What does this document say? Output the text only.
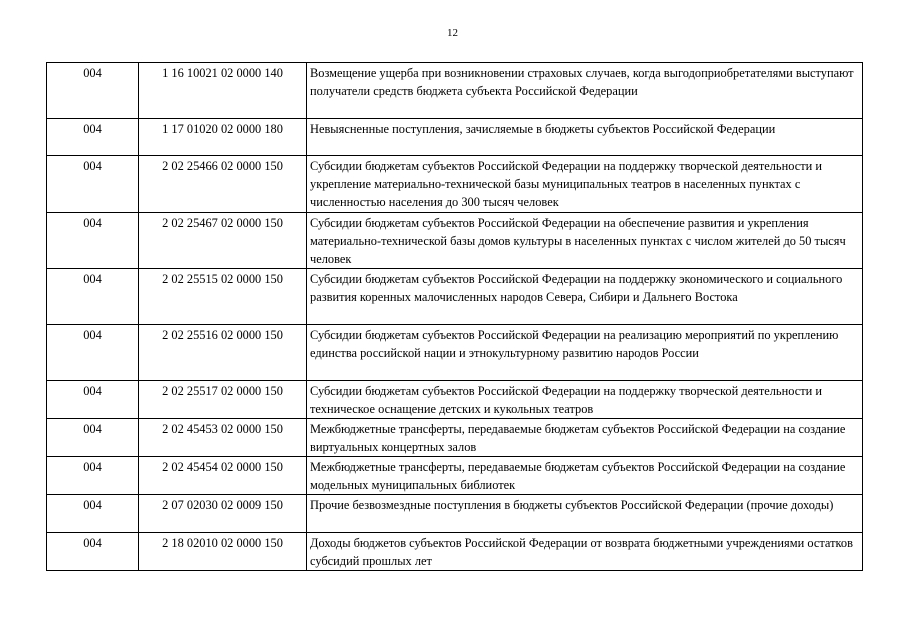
12
004	1 16 10021 02 0000 140	Возмещение ущерба при возникновении страховых случаев, когда выгодоприобретателями выступают получатели средств бюджета субъекта Российской Федерации
004	1 17 01020 02 0000 180	Невыясненные поступления, зачисляемые в бюджеты субъектов Российской Федерации
004	2 02 25466 02 0000 150	Субсидии бюджетам субъектов Российской Федерации на поддержку творческой деятельности и укрепление материально-технической базы муниципальных театров в населенных пунктах с численностью населения до 300 тысяч человек
004	2 02 25467 02 0000 150	Субсидии бюджетам субъектов Российской Федерации на обеспечение развития и укрепления материально-технической базы домов культуры в населенных пунктах с числом жителей до 50 тысяч человек
004	2 02 25515 02 0000 150	Субсидии бюджетам субъектов Российской Федерации на поддержку экономического и социального развития коренных малочисленных народов Севера, Сибири и Дальнего Востока
004	2 02 25516 02 0000 150	Субсидии бюджетам субъектов Российской Федерации на реализацию мероприятий по укреплению единства российской нации и этнокультурному развитию народов России
004	2 02 25517 02 0000 150	Субсидии бюджетам субъектов Российской Федерации на поддержку творческой деятельности и техническое оснащение детских и кукольных театров
004	2 02 45453 02 0000 150	Межбюджетные трансферты, передаваемые бюджетам субъектов Российской Федерации на создание виртуальных концертных залов
004	2 02 45454 02 0000 150	Межбюджетные трансферты, передаваемые бюджетам субъектов Российской Федерации на создание модельных муниципальных библиотек
004	2 07 02030 02 0009 150	Прочие безвозмездные поступления в бюджеты субъектов Российской Федерации (прочие доходы)
004	2 18 02010 02 0000 150	Доходы бюджетов субъектов Российской Федерации от возврата бюджетными учреждениями остатков субсидий прошлых лет
